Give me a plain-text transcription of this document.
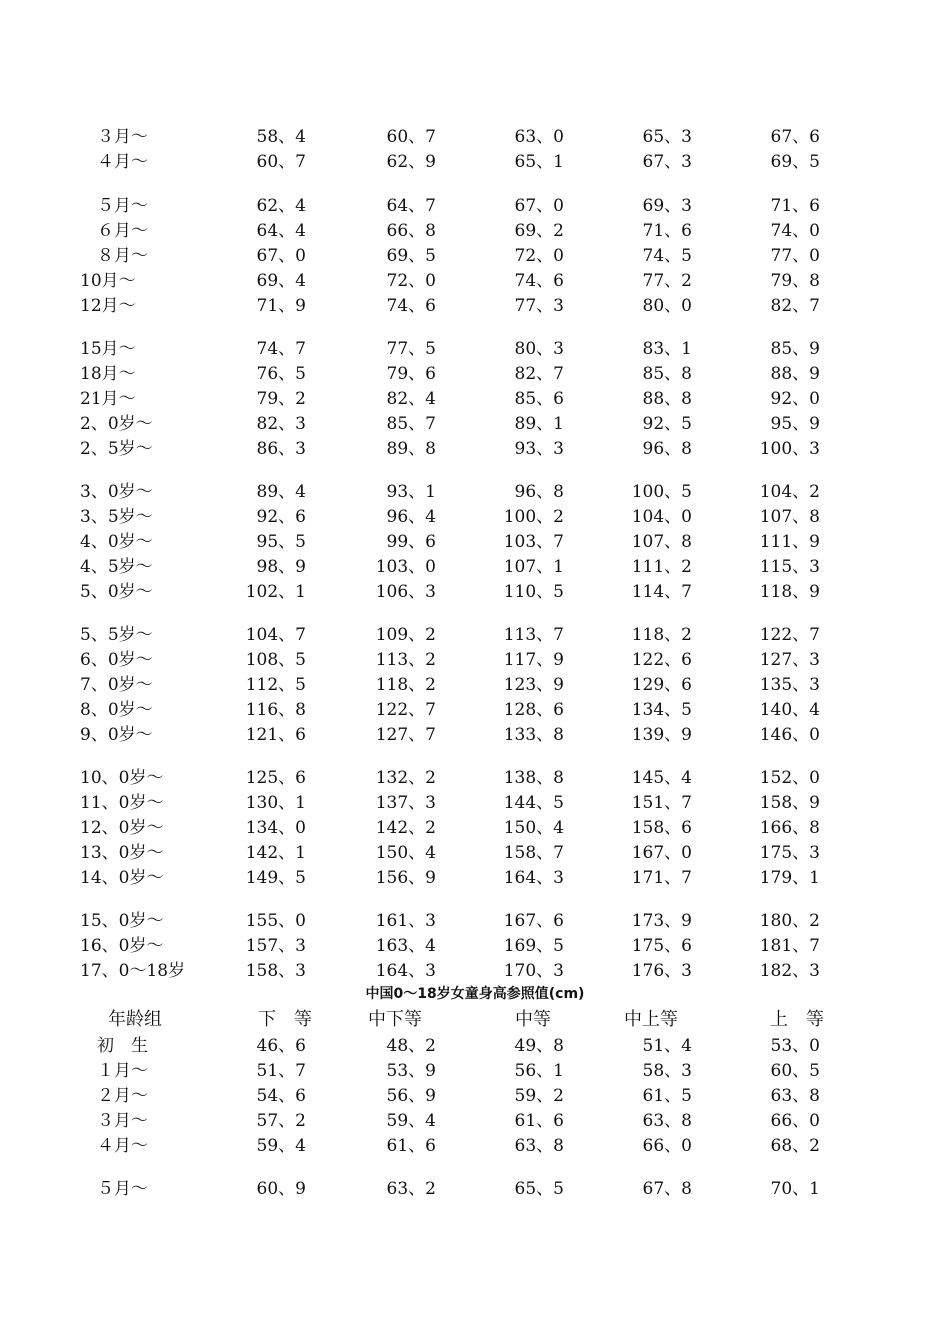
　３月～	58、4	60、7	63、0	65、3	67、6
　４月～	60、7	62、9	65、1	67、3	69、5
　５月～	62、4	64、7	67、0	69、3	71、6
　６月～	64、4	66、8	69、2	71、6	74、0
　８月～	67、0	69、5	72、0	74、5	77、0
10月～	69、4	72、0	74、6	77、2	79、8
12月～	71、9	74、6	77、3	80、0	82、7
15月～	74、7	77、5	80、3	83、1	85、9
18月～	76、5	79、6	82、7	85、8	88、9
21月～	79、2	82、4	85、6	88、8	92、0
2、0岁～	82、3	85、7	89、1	92、5	95、9
2、5岁～	86、3	89、8	93、3	96、8	100、3
3、0岁～	89、4	93、1	96、8	100、5	104、2
3、5岁～	92、6	96、4	100、2	104、0	107、8
4、0岁～	95、5	99、6	103、7	107、8	111、9
4、5岁～	98、9	103、0	107、1	111、2	115、3
5、0岁～	102、1	106、3	110、5	114、7	118、9
5、5岁～	104、7	109、2	113、7	118、2	122、7
6、0岁～	108、5	113、2	117、9	122、6	127、3
7、0岁～	112、5	118、2	123、9	129、6	135、3
8、0岁～	116、8	122、7	128、6	134、5	140、4
9、0岁～	121、6	127、7	133、8	139、9	146、0
10、0岁～	125、6	132、2	138、8	145、4	152、0
11、0岁～	130、1	137、3	144、5	151、7	158、9
12、0岁～	134、0	142、2	150、4	158、6	166、8
13、0岁～	142、1	150、4	158、7	167、0	175、3
14、0岁～	149、5	156、9	164、3	171、7	179、1
15、0岁～	155、0	161、3	167、6	173、9	180、2
16、0岁～	157、3	163、4	169、5	175、6	181、7
17、0～18岁	158、3	164、3	170、3	176、3	182、3
中国0～18岁女童身高参照值(cm)
年龄组	下　等	中下等	中等	中上等	上　等
　初　生	46、6	48、2	49、8	51、4	53、0
　１月～	51、7	53、9	56、1	58、3	60、5
　２月～	54、6	56、9	59、2	61、5	63、8
　３月～	57、2	59、4	61、6	63、8	66、0
　４月～	59、4	61、6	63、8	66、0	68、2
　５月～	60、9	63、2	65、5	67、8	70、1
